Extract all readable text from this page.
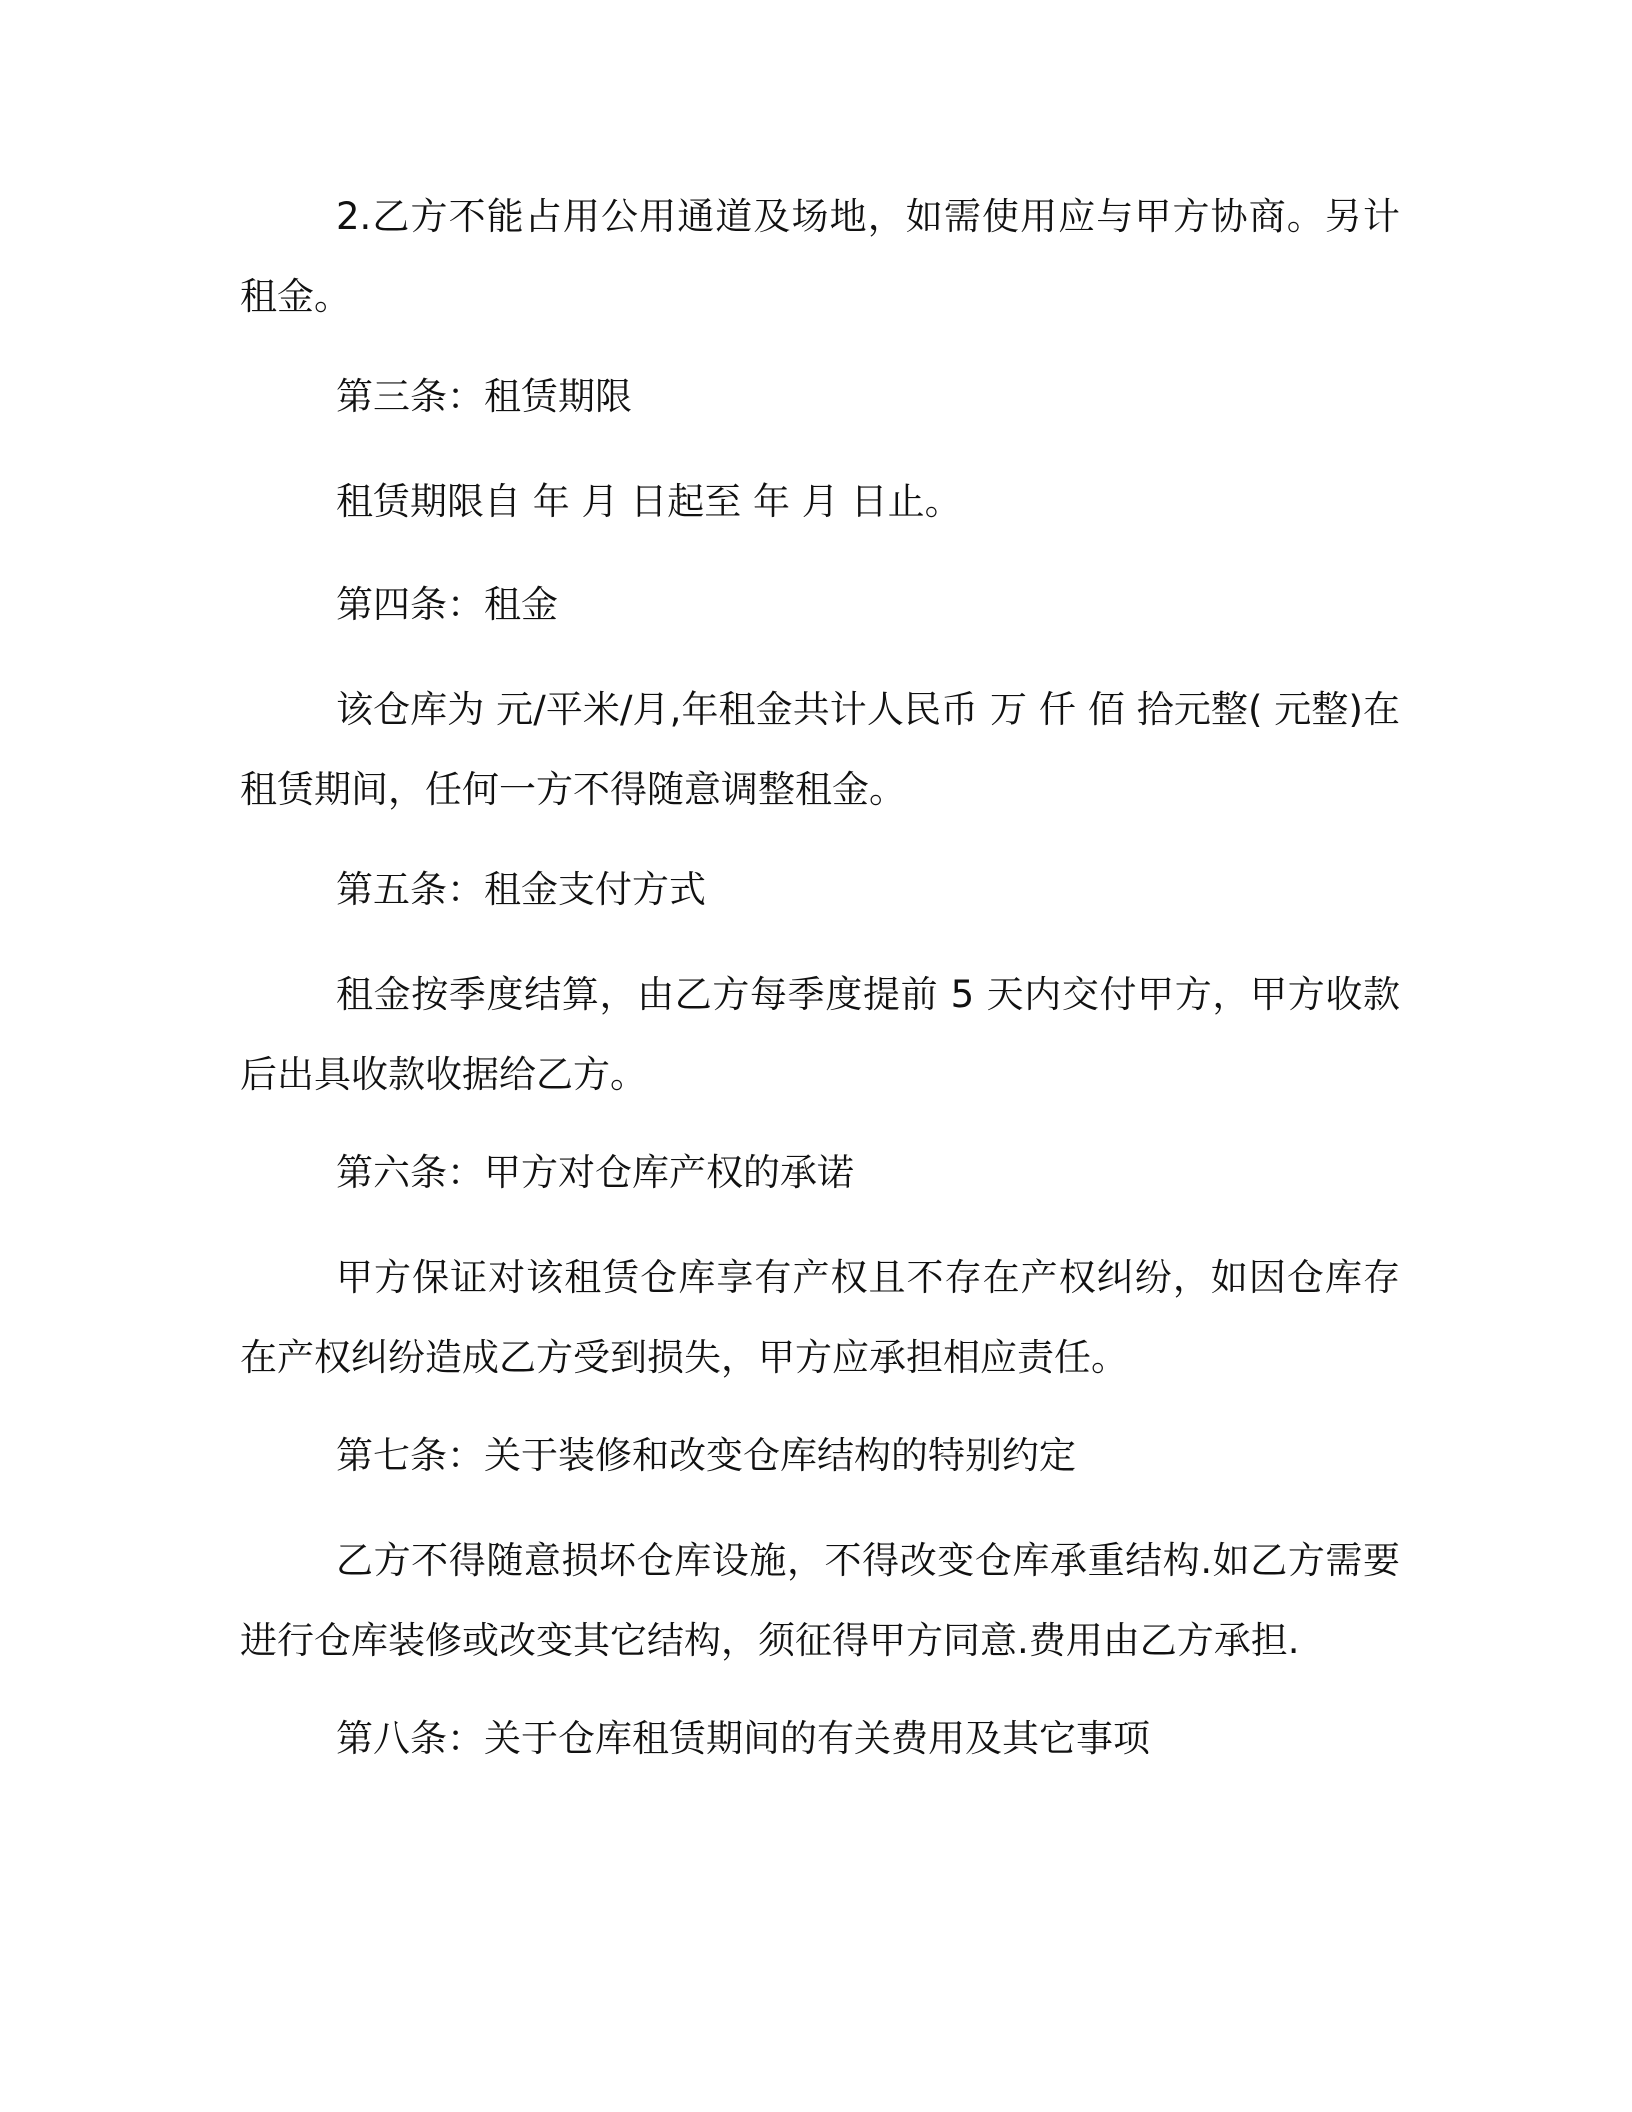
2.乙方不能占用公用通道及场地，如需使用应与甲方协商。另计租金。

第三条：租赁期限

租赁期限自 年 月 日起至 年 月 日止。

第四条：租金

该仓库为 元/平米/月,年租金共计人民币 万 仟 佰 拾元整( 元整)在租赁期间，任何一方不得随意调整租金。

第五条：租金支付方式

租金按季度结算，由乙方每季度提前 5 天内交付甲方，甲方收款后出具收款收据给乙方。

第六条：甲方对仓库产权的承诺

甲方保证对该租赁仓库享有产权且不存在产权纠纷，如因仓库存在产权纠纷造成乙方受到损失，甲方应承担相应责任。

第七条：关于装修和改变仓库结构的特别约定

乙方不得随意损坏仓库设施，不得改变仓库承重结构.如乙方需要进行仓库装修或改变其它结构，须征得甲方同意.费用由乙方承担.

第八条：关于仓库租赁期间的有关费用及其它事项
